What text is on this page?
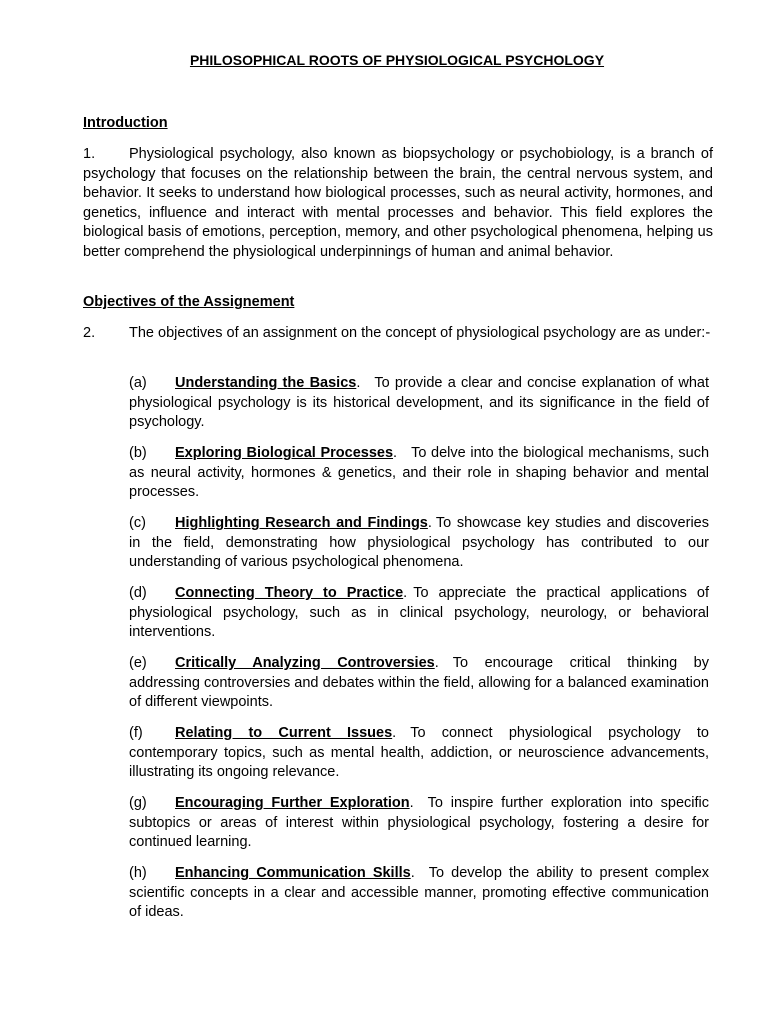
PHILOSOPHICAL ROOTS OF PHYSIOLOGICAL PSYCHOLOGY
Introduction
1. Physiological psychology, also known as biopsychology or psychobiology, is a branch of psychology that focuses on the relationship between the brain, the central nervous system, and behavior. It seeks to understand how biological processes, such as neural activity, hormones, and genetics, influence and interact with mental processes and behavior. This field explores the biological basis of emotions, perception, memory, and other psychological phenomena, helping us better comprehend the physiological underpinnings of human and animal behavior.
Objectives of the Assignement
2. The objectives of an assignment on the concept of physiological psychology are as under:-
(a) Understanding the Basics. To provide a clear and concise explanation of what physiological psychology is its historical development, and its significance in the field of psychology.
(b) Exploring Biological Processes. To delve into the biological mechanisms, such as neural activity, hormones & genetics, and their role in shaping behavior and mental processes.
(c) Highlighting Research and Findings. To showcase key studies and discoveries in the field, demonstrating how physiological psychology has contributed to our understanding of various psychological phenomena.
(d) Connecting Theory to Practice. To appreciate the practical applications of physiological psychology, such as in clinical psychology, neurology, or behavioral interventions.
(e) Critically Analyzing Controversies. To encourage critical thinking by addressing controversies and debates within the field, allowing for a balanced examination of different viewpoints.
(f) Relating to Current Issues. To connect physiological psychology to contemporary topics, such as mental health, addiction, or neuroscience advancements, illustrating its ongoing relevance.
(g) Encouraging Further Exploration. To inspire further exploration into specific subtopics or areas of interest within physiological psychology, fostering a desire for continued learning.
(h) Enhancing Communication Skills. To develop the ability to present complex scientific concepts in a clear and accessible manner, promoting effective communication of ideas.
